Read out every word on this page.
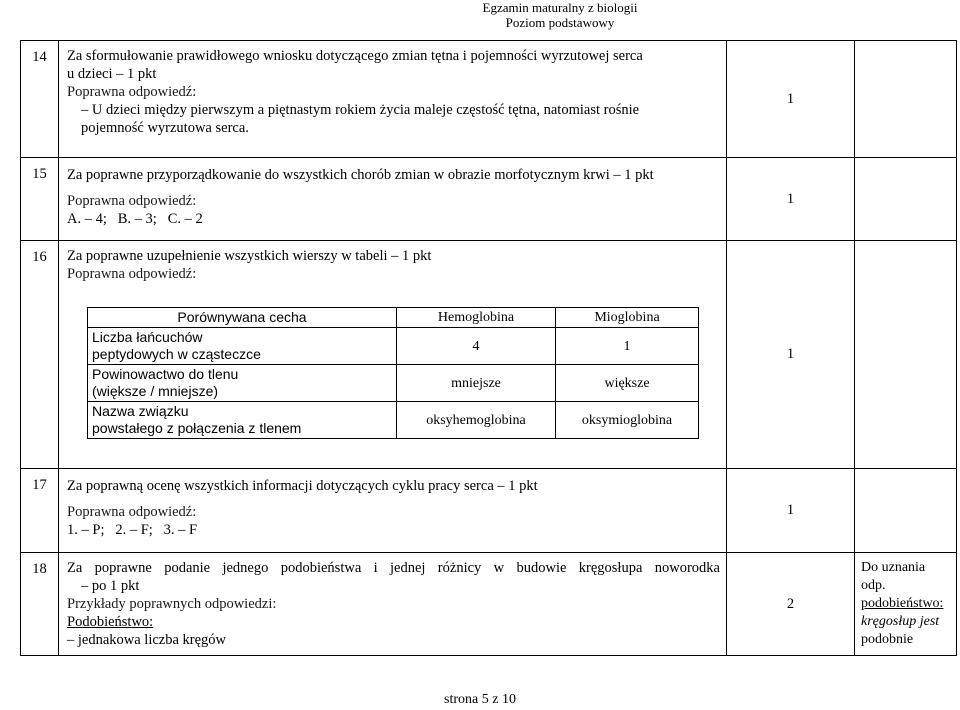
Egzamin maturalny z biologii
Poziom podstawowy
14	Za sformułowanie prawidłowego wniosku dotyczącego zmian tętna i pojemności wyrzutowej serca
u dzieci – 1 pkt
Poprawna odpowiedź:
– U dzieci między pierwszym a piętnastym rokiem życia maleje częstość tętna, natomiast rośnie
pojemność wyrzutowa serca.
	1	
15	Za poprawne przyporządkowanie do wszystkich chorób zmian w obrazie morfotycznym krwi – 1 pkt
Poprawna odpowiedź:
A. – 4;   B. – 3;   C. – 2
	1	
16	Za poprawne uzupełnienie wszystkich wierszy w tabeli – 1 pkt
Poprawna odpowiedź:
Porównywana cecha	Hemoglobina	Mioglobina

Liczba łańcuchów
peptydowych w cząsteczce	4	1

Powinowactwo do tlenu
(większe / mniejsze)	mniejsze	większe

Nazwa związku
powstałego z połączenia z tlenem	oksyhemoglobina	oksymioglobina
	1	
17	Za poprawną ocenę wszystkich informacji dotyczących cyklu pracy serca – 1 pkt
Poprawna odpowiedź:
1. – P;   2. – F;   3. – F
	1	
18	Za poprawne podanie jednego podobieństwa i jednej różnicy w budowie kręgosłupa noworodka
– po 1 pkt
Przykłady poprawnych odpowiedzi:
Podobieństwo:
– jednakowa liczba kręgów
	2	
Do uznania
odp.
podobieństwo:
kręgosłup jest
podobnie
strona 5 z 10
